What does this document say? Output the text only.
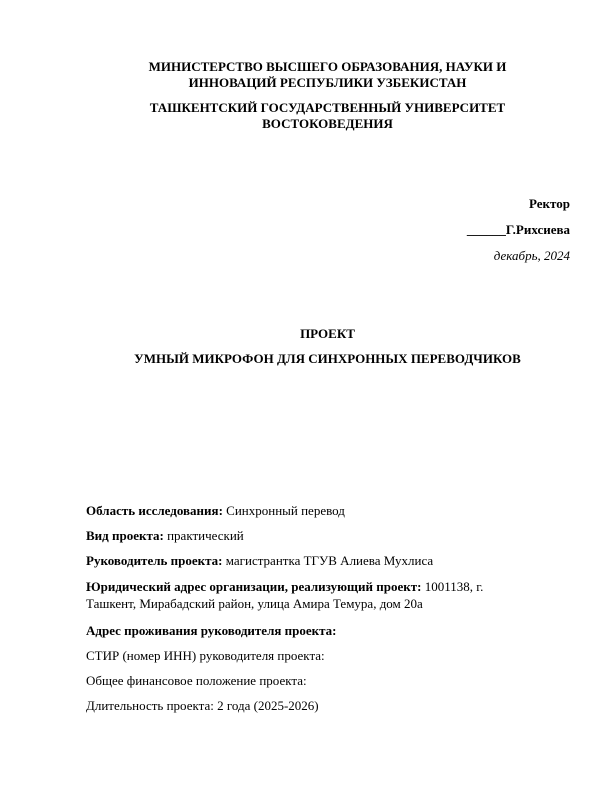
МИНИСТЕРСТВО ВЫСШЕГО ОБРАЗОВАНИЯ, НАУКИ И
ИННОВАЦИЙ РЕСПУБЛИКИ УЗБЕКИСТАН
ТАШКЕНТСКИЙ ГОСУДАРСТВЕННЫЙ УНИВЕРСИТЕТ
ВОСТОКОВЕДЕНИЯ
Ректор
______Г.Рихсиева
декабрь, 2024
ПРОЕКТ
УМНЫЙ МИКРОФОН ДЛЯ СИНХРОННЫХ ПЕРЕВОДЧИКОВ
Область исследования: Синхронный перевод
Вид проекта: практический
Руководитель проекта: магистрантка ТГУВ Алиева Мухлиса

Юридический адрес организации, реализующий проект: 1001138, г.

Ташкент, Мирабадский район, улица Амира Темура, дом 20а

Адрес проживания руководителя проекта:
СТИР (номер ИНН) руководителя проекта:
Общее финансовое положение проекта:
Длительность проекта: 2 года (2025-2026)
